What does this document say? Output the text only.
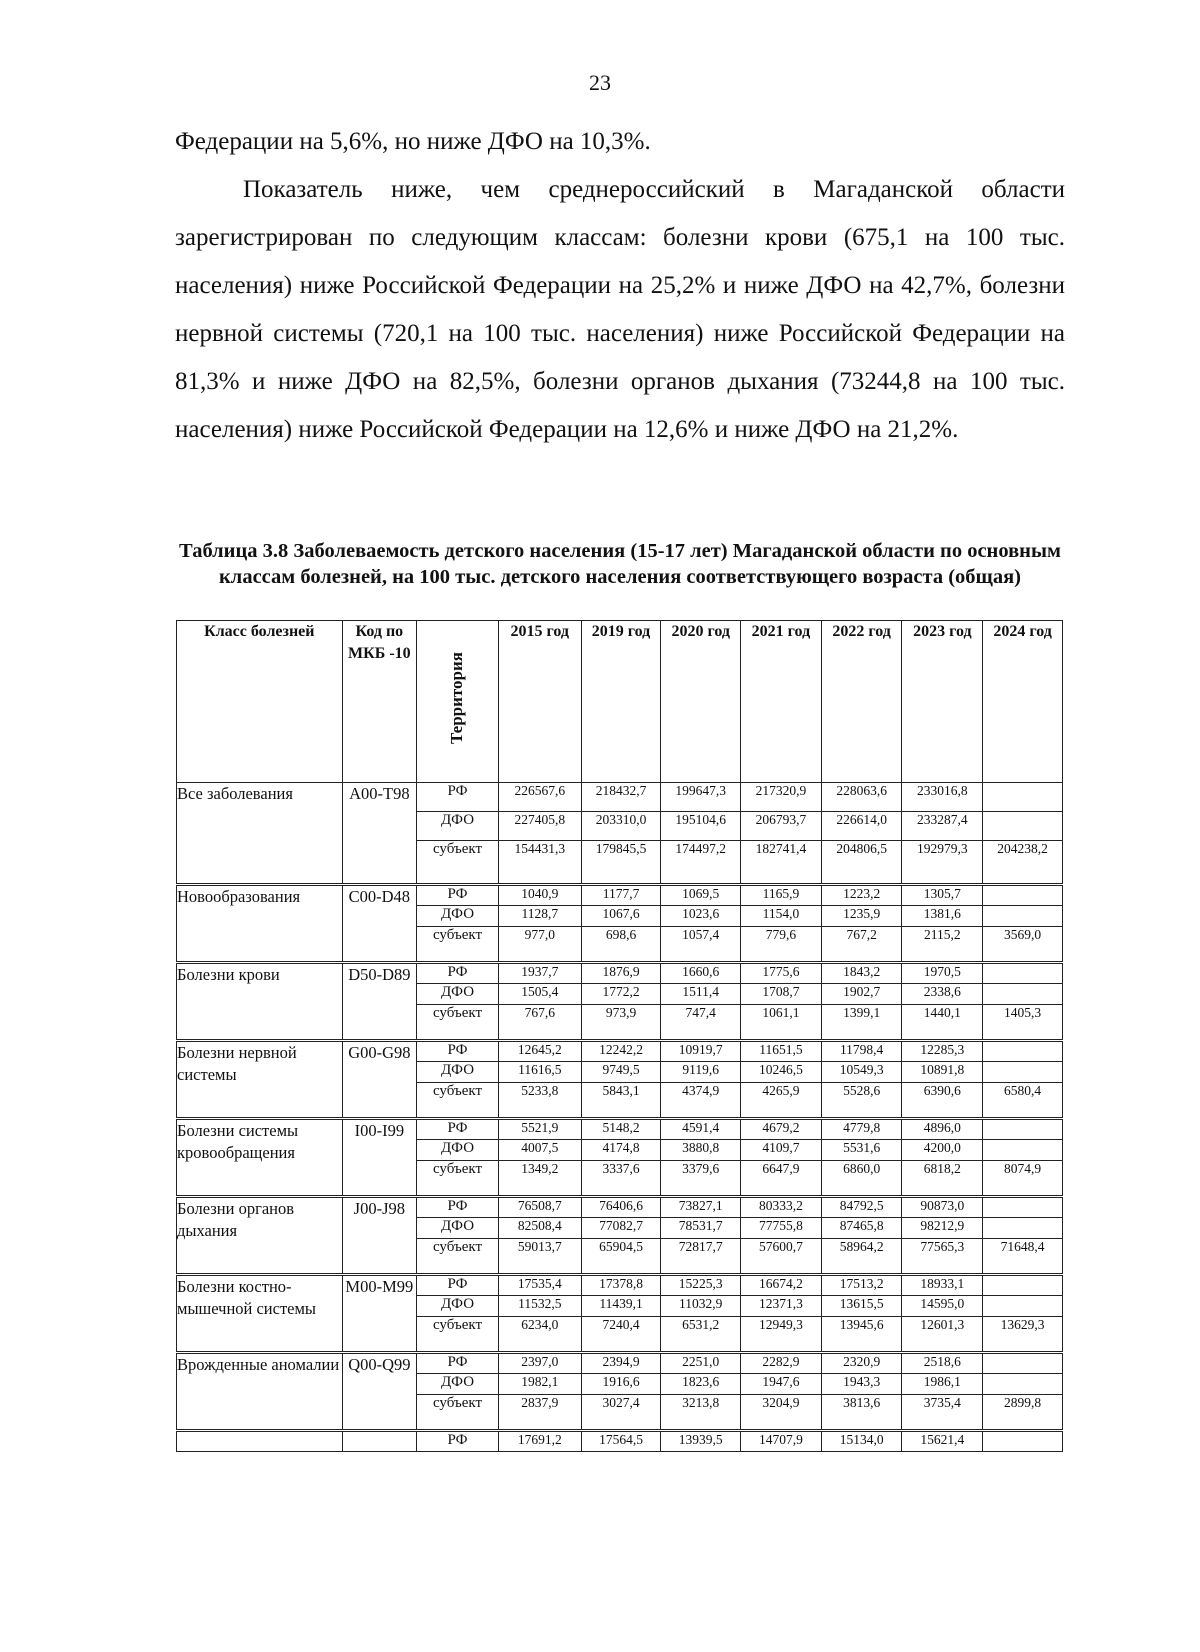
23

Федерации на 5,6%, но ниже ДФО на 10,3%.

Показатель ниже, чем среднероссийский в Магаданской области зарегистрирован по следующим классам: болезни крови (675,1 на 100 тыс. населения) ниже Российской Федерации на 25,2% и ниже ДФО на 42,7%, болезни нервной системы (720,1 на 100 тыс. населения) ниже Российской Федерации на 81,3% и ниже ДФО на 82,5%, болезни органов дыхания (73244,8 на 100 тыс. населения) ниже Российской Федерации на 12,6% и ниже ДФО на 21,2%.

Таблица 3.8 Заболеваемость детского населения (15-17 лет) Магаданской области по основным классам болезней, на 100 тыс. детского населения соответствующего возраста (общая)

Класс болезней	Код по МКБ -10	Территория	2015 год	2019 год	2020 год	2021 год	2022 год	2023 год	2024 год
Все заболевания	A00-T98	РФ	226567,6	218432,7	199647,3	217320,9	228063,6	233016,8	
		ДФО	227405,8	203310,0	195104,6	206793,7	226614,0	233287,4	
		субъект	154431,3	179845,5	174497,2	182741,4	204806,5	192979,3	204238,2
Новообразования	C00-D48	РФ	1040,9	1177,7	1069,5	1165,9	1223,2	1305,7	
		ДФО	1128,7	1067,6	1023,6	1154,0	1235,9	1381,6	
		субъект	977,0	698,6	1057,4	779,6	767,2	2115,2	3569,0
Болезни крови	D50-D89	РФ	1937,7	1876,9	1660,6	1775,6	1843,2	1970,5	
		ДФО	1505,4	1772,2	1511,4	1708,7	1902,7	2338,6	
		субъект	767,6	973,9	747,4	1061,1	1399,1	1440,1	1405,3
Болезни нервной системы	G00-G98	РФ	12645,2	12242,2	10919,7	11651,5	11798,4	12285,3	
		ДФО	11616,5	9749,5	9119,6	10246,5	10549,3	10891,8	
		субъект	5233,8	5843,1	4374,9	4265,9	5528,6	6390,6	6580,4
Болезни системы кровообращения	I00-I99	РФ	5521,9	5148,2	4591,4	4679,2	4779,8	4896,0	
		ДФО	4007,5	4174,8	3880,8	4109,7	5531,6	4200,0	
		субъект	1349,2	3337,6	3379,6	6647,9	6860,0	6818,2	8074,9
Болезни органов дыхания	J00-J98	РФ	76508,7	76406,6	73827,1	80333,2	84792,5	90873,0	
		ДФО	82508,4	77082,7	78531,7	77755,8	87465,8	98212,9	
		субъект	59013,7	65904,5	72817,7	57600,7	58964,2	77565,3	71648,4
Болезни костно-мышечной системы	M00-M99	РФ	17535,4	17378,8	15225,3	16674,2	17513,2	18933,1	
		ДФО	11532,5	11439,1	11032,9	12371,3	13615,5	14595,0	
		субъект	6234,0	7240,4	6531,2	12949,3	13945,6	12601,3	13629,3
Врожденные аномалии	Q00-Q99	РФ	2397,0	2394,9	2251,0	2282,9	2320,9	2518,6	
		ДФО	1982,1	1916,6	1823,6	1947,6	1943,3	1986,1	
		субъект	2837,9	3027,4	3213,8	3204,9	3813,6	3735,4	2899,8
		РФ	17691,2	17564,5	13939,5	14707,9	15134,0	15621,4	
